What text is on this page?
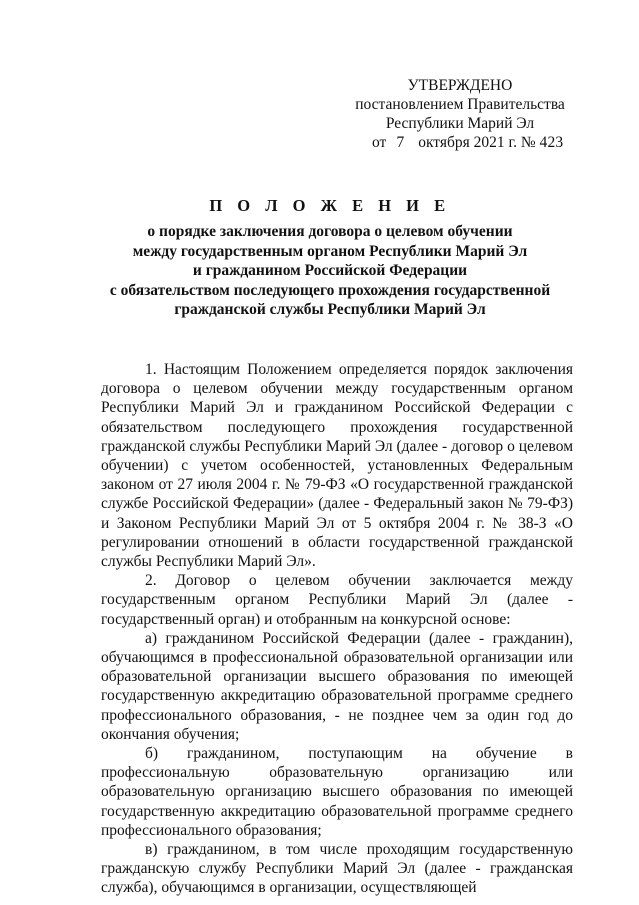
УТВЕРЖДЕНО
постановлением Правительства
Республики Марий Эл
от 7 октября 2021 г. № 423
П О Л О Ж Е Н И Е
о порядке заключения договора о целевом обучении
между государственным органом Республики Марий Эл
и гражданином Российской Федерации
с обязательством последующего прохождения государственной
гражданской службы Республики Марий Эл

1. Настоящим Положением определяется порядок заключения договора о целевом обучении между государственным органом Республики Марий Эл и гражданином Российской Федерации с обязательством последующего прохождения государственной гражданской службы Республики Марий Эл (далее - договор о целевом обучении) с учетом особенностей, установленных Федеральным законом от 27 июля 2004 г. № 79-ФЗ «О государственной гражданской службе Российской Федерации» (далее - Федеральный закон № 79-ФЗ) и Законом Республики Марий Эл от 5 октября 2004 г. № 38-З «О регулировании отношений в области государственной гражданской службы Республики Марий Эл».

2. Договор о целевом обучении заключается между государственным органом Республики Марий Эл (далее - государственный орган) и отобранным на конкурсной основе:

а) гражданином Российской Федерации (далее - гражданин), обучающимся в профессиональной образовательной организации или образовательной организации высшего образования по имеющей государственную аккредитацию образовательной программе среднего профессионального образования, - не позднее чем за один год до окончания обучения;

б) гражданином, поступающим на обучение в профессиональную образовательную организацию или образовательную организацию высшего образования по имеющей государственную аккредитацию образовательной программе среднего профессионального образования;

в) гражданином, в том числе проходящим государственную гражданскую службу Республики Марий Эл (далее - гражданская служба), обучающимся в организации, осуществляющей
